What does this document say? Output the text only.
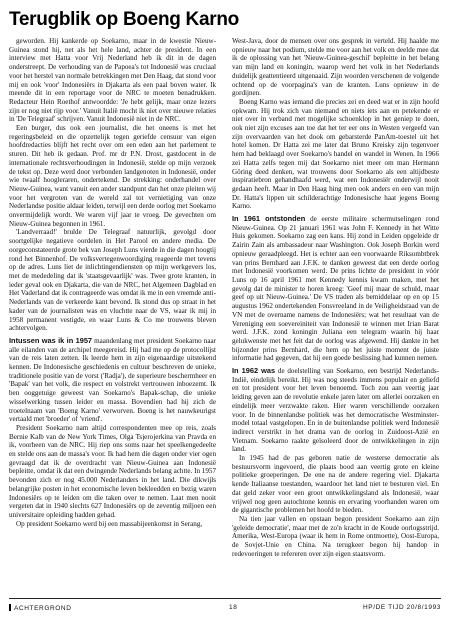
Terugblik op Boeng Karno

geworden. Hij kankerde op Soekarno, maar in de kwestie Nieuw-Guinea stond hij, net als het hele land, achter de president. In een interview met Hatta voor Vrij Nederland heb ik dit in de dagen onderstreept. De verhouding van de Papoea's tot Indonesië was cruciaal voor het herstel van normale betrekkingen met Den Haag, dat stond voor mij en ook 'voor' Indonesiërs in Djakarta als een paal boven water. Ik meende dit in een reportage voor de NRC te moeten benadrukken. Redacteur Hein Roethof antwoordde: 'Je hebt gelijk, maar onze lezers zijn er nog niet rijp voor.' Vanuit Italië mocht ik niet over nieuwe relaties in 'De Telegraaf' schrijven. Vanuit Indonesië niet in de NRC.

Een burger, dus ook een journalist, die het oneens is met het regeringsbeleid en die opzettelijk tegen geriefde censuur van eigen hoofdredacties blijft het recht over om een eden aan het parlement te sturen. Dit heb ik gedaan. Prof. mr dr P.N. Drost, gastdocent in de internationale rechtsverhoudingen in Indonesië, stelde op mijn verzoek de tekst op. Deze werd door verbonden landgenoten in Indonesië, onder wie twaalf hoogleraren, ondertekend. De strekking: onderhandel over Nieuw-Guinea, want vanuit een ander standpunt dan het onze pleiten wij voor het vergroten van de wereld zal tot vernietiging van onze Nederlandse positie aldaar leiden, terwijl een derde oorlog met Soekarno onvermijdelijk wordt. We waren vijf jaar te vroeg. De gevechten om Nieuw-Guinea begonnen in 1961.

'Landverraad!' brulde De Telegraaf natuurlijk, gevolgd door soortgelijke negatieve oordelen in Het Parool en andere media. De oorgeconstateerde grote bek van Joseph Luns vierde in die dagen hoogtij rond het Binnenhof. De volksvertegenwoordiging reageerde met tevens op de adres. Luns liet de inlichtingendiensten op mijn werkgevers los, met de mededeling dat ik 'staatsgevaarlijk' was. Twee grote kranten, in ieder geval ook en Djakarta, die van de NRC, het Algemeen Dagblad en Het Vaderland dat ik contrageerde was omdat ik me in een vreemde anti-Nederlands van de verkeerde kant bevond. Ik stond dus op straat in het kader van de journalisten was en vluchtte naar de VS, waar ik mij in 1958 permanent vestigde, en waar Luns & Co me trouwens bleven achtervolgen.

Intussen was ik in 1957 maandenlang met president Soekarno naar alle eilanden van de archipel meegereisd. Hij had me op de protocollijst van de reis laten zetten. Ik leerde hem in zijn eigenaardige uitstekend kennen. De Indonesische geschiedenis en cultuur beschreven de unieke, traditionele positie van de vorst ('Radja'), de superieure beschermheer en 'Bapak' van het volk, die respect en volstrekt vertrouwen inboezemt. Ik ben ooggetuige geweest van Soekarno's Bapak-schap, die unieke wisselwerking tussen leider en massa. Bovendien had hij zich de troetelnaam van 'Boeng Karno' verworven. Boeng is het nauwkeurigst vertaald met 'broeder' of 'vriend'.

President Soekarno nam altijd correspondenten mee op reis, zoals Bernie Kalb van de New York Times, Olga Tsjerojerkina van Pravda en ik, voorheen van de NRC. Hij riep ons soms naar het speelkengedeelte en stelde ons aan de massa's voor. Ik had hem die dagen onder vier ogen gevraagd dat ik de overdracht van Nieuw-Guinea aan Indonesië bepleitte, omdat ik dat een dwingende Nederlands belang achtte. In 1957 bevonden zich er nog 45.000 Nederlanders in het land. Die dikwijls belangrijke posten in het economische leven bekleedden en bezig waren Indonesiërs op te leiden om die taken over te nemen. Laat men nooit vergeten dat in 1940 slechts 627 Indonesiërs op de zeventig miljoen een universitaire opleiding hadden gehad.

Op president Soekarno werd bij een massabijeenkomst in Serang,

West-Java, door de mensen over ons gesprek in verteld. Hij haalde me opnieuw naar het podium, stelde me voor aan het volk en deelde mee dat ik de oplossing van het 'Nieuw-Guinea-geschil' bepleitte in het belang van mijn land en koningin, waarop werd het volk in het Nederlands duidelijk geattentieerd uitgenaaid. Zijn woorden verschenen de volgende ochtend op de voorpagina's van de kranten. Luns opnieuw in de gordijnen.

Boeng Karno was iemand die precies zei en deed wat er in zijn hoofd opkwam. Hij trok zich van niemand en niets iets aan en petekende er niet over in verband met mogelijke schoenklop in het geniep te doen, ook niet zijn excuses aan toe dat het ter eer ons in Westen vergeefd van zijn overvaarden van het dook om gebarsterde PanAm-toestel uit het hotel komen. Dr Hatta zei me later dat Bruno Kreisky zijn tegenvoer hem had beklaagd over Soekarno's handel en wandel in Wenen. In 1966 zei Hatta zelfs tegen mij dat Soekarno niet meer om man Hermann Göring deed denken, wat trouwens door Soekarno als een altijdbeste inspiratiebron gehandhaafd werd, wat een Indonesiër onderwijl nooit gedaan heeft. Maar in Den Haag hing men ook anders en een van mijn Dr. Hatta's lippen uit schilderachtige Indonesische haat jegens Boeng Karno.

In 1961 ontstonden de eerste militaire schermutselingen rond Nieuw-Guinea. Op 21 januari 1961 was John F. Kennedy in het Witte Huis gekomen. Soekarno zag een kans. Hij zond in Leiden opgeleide dr Zairin Zain als ambassadeur naar Washington. Ook Joseph Borkin werd opnieuw geraadpleegd. Het is echter aan een voorwaarde Riksombtbrek van prins Bernhard aan J.F.K. te danken geweest dat een derde oorlog met Indonesië voorkomen werd. De prins lichtte de president in vóór Luns op 16 april 1961 met Kennedy kennis kwam maken, met het gevolg dat de minister te horen kreeg: 'Geef mij maar de schuld, maar geef op uit Nieuw-Guinea.' De VS traden als bemiddelaar op en op 15 augustus 1962 ondertekenden Fonsvreeland in de Veiligheidsraad van de VN met de overname namens de Indonesiërs; wat het resultaat van de Vereniging een soevereiniteit van Indonesië te winnen met Irian Barat werd. J.F.K. zond koningin Juliana een telegram waarin hij haar gelukwenste met het feit dat de oorlog was afgewend. Hij dankte in het bijzonder prins Bernhard, die hem op het juiste moment de juiste informatie had gegeven, dat hij een goede beslissing had kunnen nemen.

In 1962 was de doelstelling van Soekarno, een bestrijd Nederlands-Indië, eindelijk bereikt. Hij was nog steeds immens populair en geliefd en tot president voor het leven benoemd. Toch zou aan veertig jaar leiding geven aan de revolutie enkele jaren later om allerlei oorzaken en eindelijk meer verzwakte raken. Hier waren verschillende oorzaken voor. In de binnenlandse politiek was het democratische Westminster-model totaal vastgelopen. En in de buitenlandse politiek werd Indonesië indirect verstrikt in het drama van de oorlog in Zuidoost-Azië en Vietnam. Soekarno raakte geïsoleerd door de ontwikkelingen in zijn land.

In 1945 had de pas geboren natie de westerse democratie als bestuursvorm ingevoerd, die plaats bood aan veertig grote en kleine politieke groeperingen. De ene na de andere regering viel. Djakarta kende Italiaanse toestanden, waardoor het land niet te besturen viel. En dat geld zeker voor een groot ontwikkelingsland als Indonesië, waar vrijwel nog geen autochtone kennis en ervaring voorhanden waren om de gigantische problemen het hoofd te bieden.

Na tien jaar vallen en opstaan begon president Soekarno aan zijn 'geleide democratie', maar met de zo'n kracht in de Koude oorlogsstrijd. Amerika, West-Europa (waar ik hem in Rome ontmoette), Oost-Europa, de Sovjet-Unie en China. Na terugkeer begon hij handop in redevoeringen te refereren over zijn eigen staatsvorm.

ACHTERGROND	18	HP/DE TIJD 20/8/1993
